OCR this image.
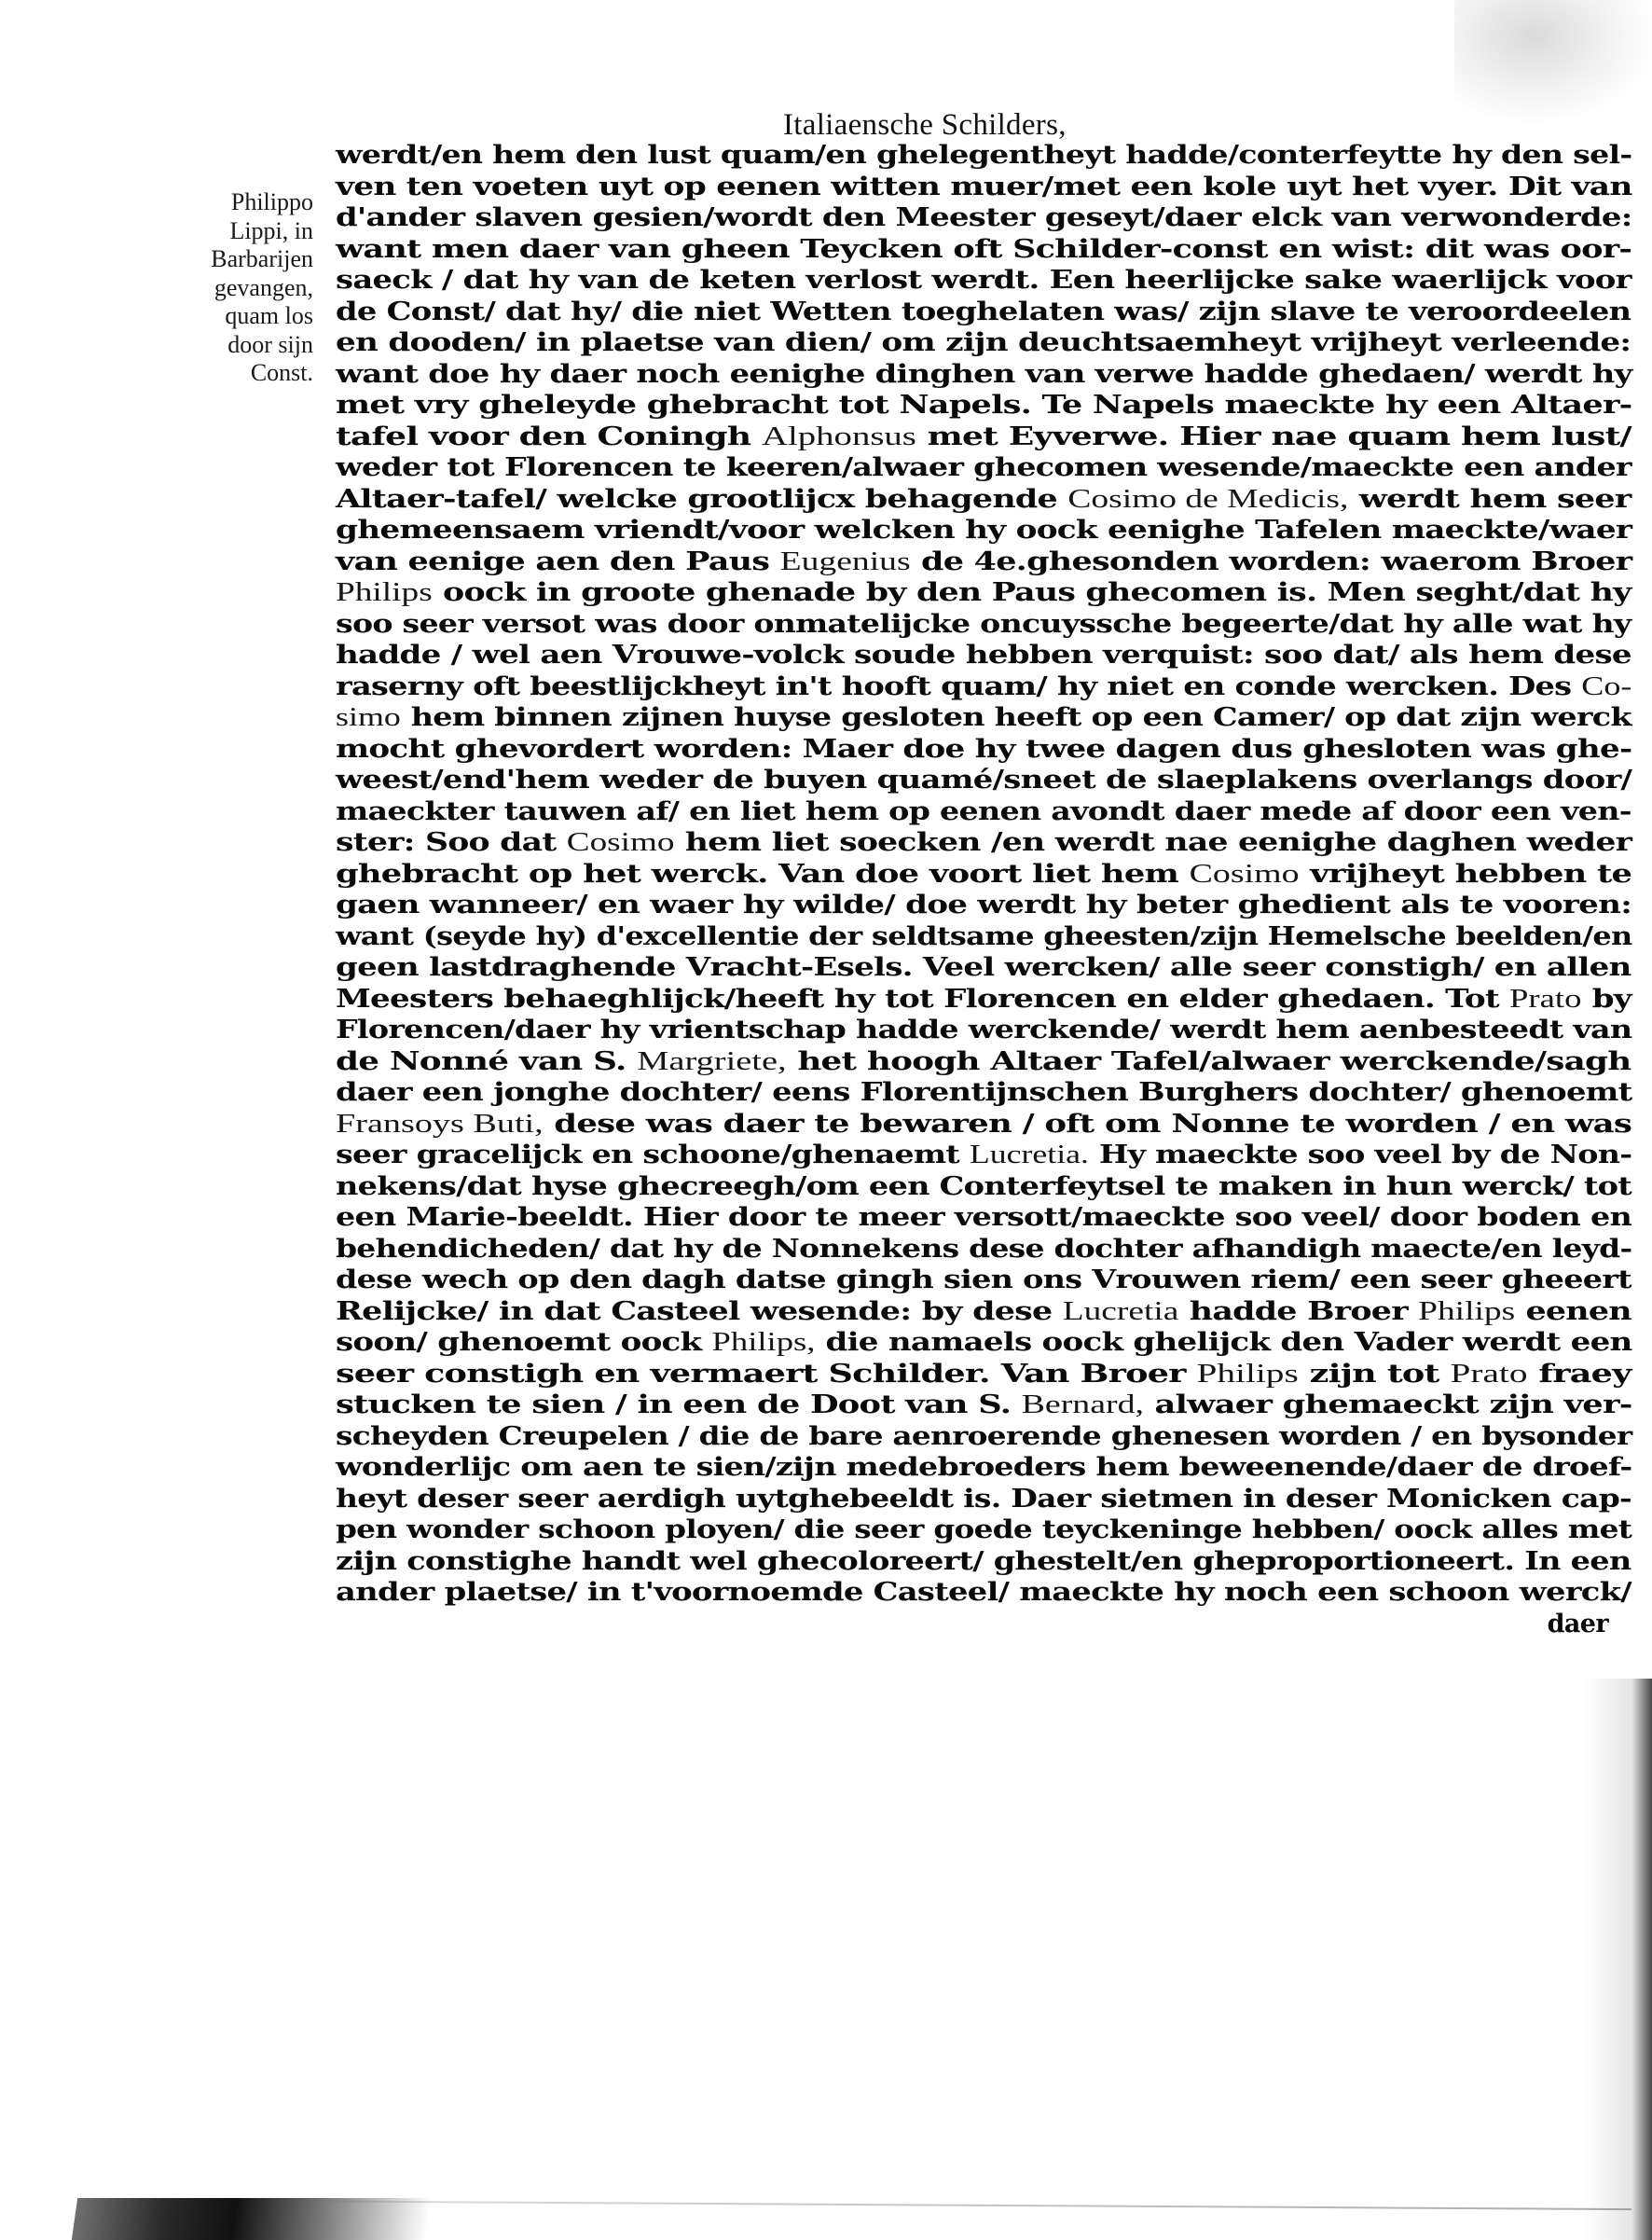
Italiaensche Schilders,
Philippo
Lippi, in
Barbarijen
gevangen,
quam los
door sijn
Const.
werdt/en hem den lust quam/en ghelegentheyt hadde/conterfeytte hy den sel-
ven ten voeten uyt op eenen witten muer/met een kole uyt het vyer. Dit van
d'ander slaven gesien/wordt den Meester geseyt/daer elck van verwonderde:
want men daer van gheen Teycken oft Schilder-const en wist: dit was oor-
saeck / dat hy van de keten verlost werdt. Een heerlijcke sake waerlijck voor
de Const/ dat hy/ die niet Wetten toeghelaten was/ zijn slave te veroordeelen
en dooden/ in plaetse van dien/ om zijn deuchtsaemheyt vrijheyt verleende:
want doe hy daer noch eenighe dinghen van verwe hadde ghedaen/ werdt hy
met vry gheleyde ghebracht tot Napels. Te Napels maeckte hy een Altaer-
tafel voor den Coningh Alphonsus met Eyverwe. Hier nae quam hem lust/
weder tot Florencen te keeren/alwaer ghecomen wesende/maeckte een ander
Altaer-tafel/ welcke grootlijcx behagende Cosimo de Medicis, werdt hem seer
ghemeensaem vriendt/voor welcken hy oock eenighe Tafelen maeckte/waer
van eenige aen den Paus Eugenius de 4e.ghesonden worden: waerom Broer
Philips oock in groote ghenade by den Paus ghecomen is. Men seght/dat hy
soo seer versot was door onmatelijcke oncuyssche begeerte/dat hy alle wat hy
hadde / wel aen Vrouwe-volck soude hebben verquist: soo dat/ als hem dese
raserny oft beestlijckheyt in't hooft quam/ hy niet en conde wercken. Des Co-
simo hem binnen zijnen huyse gesloten heeft op een Camer/ op dat zijn werck
mocht ghevordert worden: Maer doe hy twee dagen dus ghesloten was ghe-
weest/end'hem weder de buyen quamé/sneet de slaeplakens overlangs door/
maeckter tauwen af/ en liet hem op eenen avondt daer mede af door een ven-
ster: Soo dat Cosimo hem liet soecken /en werdt nae eenighe daghen weder
ghebracht op het werck. Van doe voort liet hem Cosimo vrijheyt hebben te
gaen wanneer/ en waer hy wilde/ doe werdt hy beter ghedient als te vooren:
want (seyde hy) d'excellentie der seldtsame gheesten/zijn Hemelsche beelden/en
geen lastdraghende Vracht-Esels. Veel wercken/ alle seer constigh/ en allen
Meesters behaeghlijck/heeft hy tot Florencen en elder ghedaen. Tot Prato by
Florencen/daer hy vrientschap hadde werckende/ werdt hem aenbesteedt van
de Nonné van S. Margriete, het hoogh Altaer Tafel/alwaer werckende/sagh
daer een jonghe dochter/ eens Florentijnschen Burghers dochter/ ghenoemt
Fransoys Buti, dese was daer te bewaren / oft om Nonne te worden / en was
seer gracelijck en schoone/ghenaemt Lucretia. Hy maeckte soo veel by de Non-
nekens/dat hyse ghecreegh/om een Conterfeytsel te maken in hun werck/ tot
een Marie-beeldt. Hier door te meer versott/maeckte soo veel/ door boden en
behendicheden/ dat hy de Nonnekens dese dochter afhandigh maecte/en leyd-
dese wech op den dagh datse gingh sien ons Vrouwen riem/ een seer gheeert
Relijcke/ in dat Casteel wesende: by dese Lucretia hadde Broer Philips eenen
soon/ ghenoemt oock Philips, die namaels oock ghelijck den Vader werdt een
seer constigh en vermaert Schilder. Van Broer Philips zijn tot Prato fraey
stucken te sien / in een de Doot van S. Bernard, alwaer ghemaeckt zijn ver-
scheyden Creupelen / die de bare aenroerende ghenesen worden / en bysonder
wonderlijc om aen te sien/zijn medebroeders hem beweenende/daer de droef-
heyt deser seer aerdigh uytghebeeldt is. Daer sietmen in deser Monicken cap-
pen wonder schoon ployen/ die seer goede teyckeninge hebben/ oock alles met
zijn constighe handt wel ghecoloreert/ ghestelt/en gheproportioneert. In een
ander plaetse/ in t'voornoemde Casteel/ maeckte hy noch een schoon werck/
daer
